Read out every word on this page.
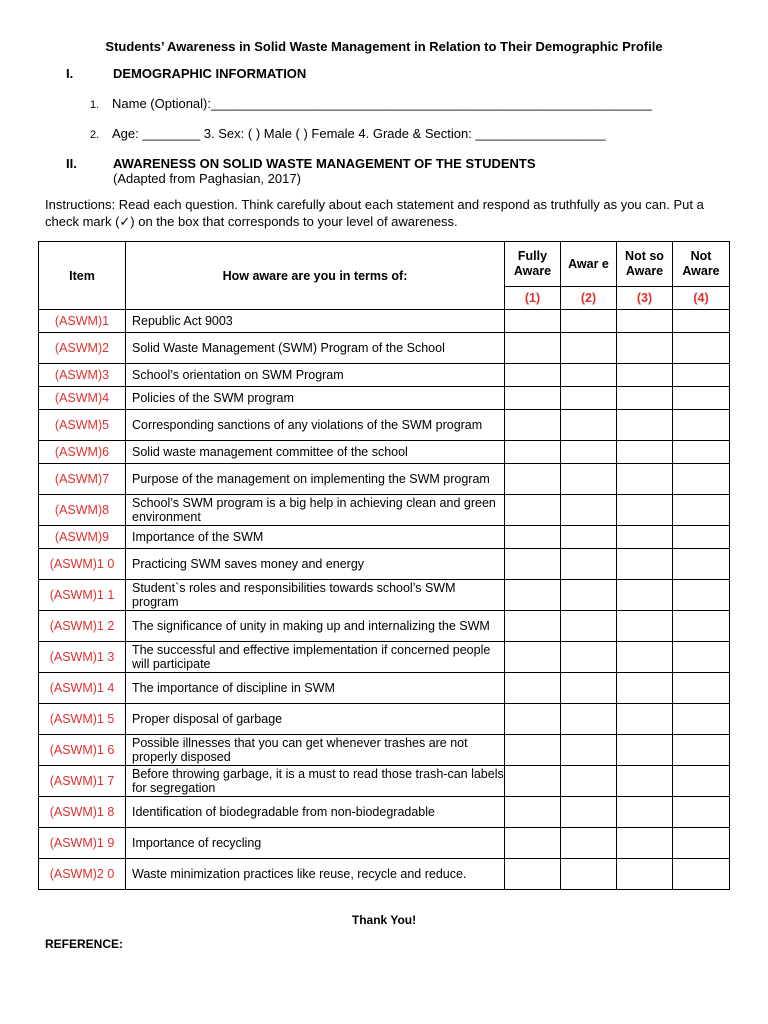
Students’ Awareness in Solid Waste Management in Relation to Their Demographic Profile
I.	DEMOGRAPHIC INFORMATION
1. Name (Optional):_____________________________________________________________
2. Age: ________ 3. Sex: ( ) Male ( ) Female 4. Grade & Section: __________________
II.	AWARENESS ON SOLID WASTE MANAGEMENT OF THE STUDENTS
(Adapted from Paghasian, 2017)
Instructions: Read each question. Think carefully about each statement and respond as truthfully as you can. Put a check mark (✓) on the box that corresponds to your level of awareness.
Item	How aware are you in terms of:	Fully Aware	Awar e	Not so Aware	Not Aware
		(1)	(2)	(3)	(4)
(ASWM)1	Republic Act 9003				
(ASWM)2	Solid Waste Management (SWM) Program of the School				
(ASWM)3	School’s orientation on SWM Program				
(ASWM)4	Policies of the SWM program				
(ASWM)5	Corresponding sanctions of any violations of the SWM program				
(ASWM)6	Solid waste management committee of the school				
(ASWM)7	Purpose of the management on implementing the SWM program				
(ASWM)8	School’s SWM program is a big help in achieving clean and green environment				
(ASWM)9	Importance of the SWM				
(ASWM)1 0	Practicing SWM saves money and energy				
(ASWM)1 1	Student`s roles and responsibilities towards school’s SWM program				
(ASWM)1 2	The significance of unity in making up and internalizing the SWM				
(ASWM)1 3	The successful and effective implementation if concerned people will participate				
(ASWM)1 4	The importance of discipline in SWM				
(ASWM)1 5	Proper disposal of garbage				
(ASWM)1 6	Possible illnesses that you can get whenever trashes are not properly disposed				
(ASWM)1 7	Before throwing garbage, it is a must to read those trash-can labels for segregation				
(ASWM)1 8	Identification of biodegradable from non-biodegradable				
(ASWM)1 9	Importance of recycling				
(ASWM)2 0	Waste minimization practices like reuse, recycle and reduce.				
Thank You!
REFERENCE:
